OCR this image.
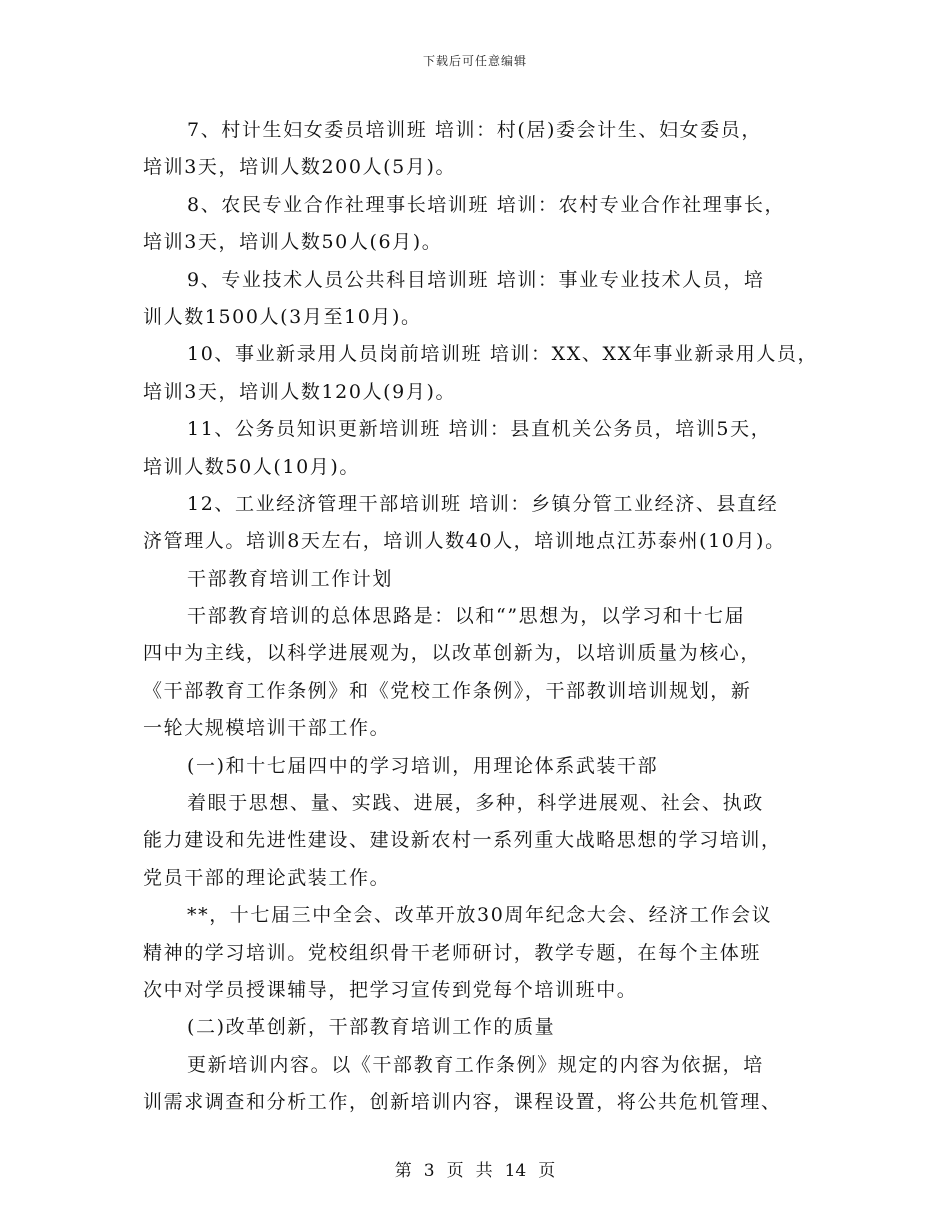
下载后可任意编辑
7、村计生妇女委员培训班 培训：村(居)委会计生、妇女委员，
培训3天，培训人数200人(5月)。
8、农民专业合作社理事长培训班 培训：农村专业合作社理事长，
培训3天，培训人数50人(6月)。
9、专业技术人员公共科目培训班 培训：事业专业技术人员，培
训人数1500人(3月至10月)。
10、事业新录用人员岗前培训班 培训：XX、XX年事业新录用人员，
培训3天，培训人数120人(9月)。
11、公务员知识更新培训班 培训：县直机关公务员，培训5天，
培训人数50人(10月)。
12、工业经济管理干部培训班 培训：乡镇分管工业经济、县直经
济管理人。培训8天左右，培训人数40人，培训地点江苏泰州(10月)。
干部教育培训工作计划
干部教育培训的总体思路是：以和“”思想为，以学习和十七届
四中为主线，以科学进展观为，以改革创新为，以培训质量为核心，
《干部教育工作条例》和《党校工作条例》，干部教训培训规划，新
一轮大规模培训干部工作。
(一)和十七届四中的学习培训，用理论体系武装干部
着眼于思想、量、实践、进展，多种，科学进展观、社会、执政
能力建设和先进性建设、建设新农村一系列重大战略思想的学习培训，
党员干部的理论武装工作。
**，十七届三中全会、改革开放30周年纪念大会、经济工作会议
精神的学习培训。党校组织骨干老师研讨，教学专题，在每个主体班
次中对学员授课辅导，把学习宣传到党每个培训班中。
(二)改革创新，干部教育培训工作的质量
更新培训内容。以《干部教育工作条例》规定的内容为依据，培
训需求调查和分析工作，创新培训内容，课程设置，将公共危机管理、
第 3 页 共 14 页
